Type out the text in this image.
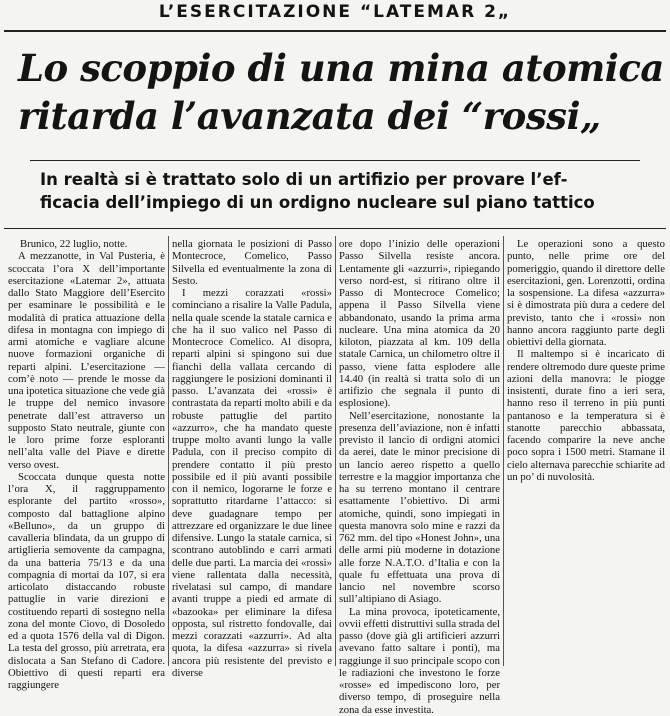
L’ESERCITAZIONE “LATEMAR 2„
Lo scoppio di una mina atomica
ritarda l’avanzata dei “rossi„
In realtà si è trattato solo di un artifizio per provare l’ef-
ficacia dell’impiego di un ordigno nucleare sul piano tattico

Brunico, 22 luglio, notte.

A mezzanotte, in Val Pusteria, è scoccata l’ora X dell’importante esercitazione «Latemar 2», attuata dallo Stato Maggiore dell’Esercito per esaminare le possibilità e le modalità di pratica attuazione della difesa in montagna con impiego di armi atomiche e vagliare alcune nuove formazioni organiche di reparti alpini. L’esercitazione — com’è noto — prende le mosse da una ipotetica situazione che vede già le truppe del nemico invasore penetrate dall’est attraverso un supposto Stato neutrale, giunte con le loro prime forze esploranti nell’alta valle del Piave e dirette verso ovest.

Scoccata dunque questa notte l’ora X, il raggruppamento esplorante del partito «rosso», composto dal battaglione alpino «Belluno», da un gruppo di cavalleria blindata, da un gruppo di artiglieria semovente da campagna, da una batteria 75/13 e da una compagnia di mortai da 107, si era articolato distaccando robuste pattuglie in varie direzioni e costituendo reparti di sostegno nella zona del monte Ciovo, di Dosoledo ed a quota 1576 della val di Digon. La testa del grosso, più arretrata, era dislocata a San Stefano di Cadore. Obiettivo di questi reparti era raggiungere

nella giornata le posizioni di Passo Montecroce, Comelico, Passo Silvella ed eventualmente la zona di Sesto.

I mezzi corazzati «rossi» cominciano a risalire la Valle Padula, nella quale scende la statale carnica e che ha il suo valico nel Passo di Montecroce Comelico. Al disopra, reparti alpini si spingono sui due fianchi della vallata cercando di raggiungere le posizioni dominanti il passo. L’avanzata dei «rossi» è contrastata da reparti molto abili e da robuste pattuglie del partito «azzurro», che ha mandato queste truppe molto avanti lungo la valle Padula, con il preciso compito di prendere contatto il più presto possibile ed il più avanti possibile con il nemico, logorarne le forze e soprattutto ritardarne l’attacco: si deve guadagnare tempo per attrezzare ed organizzare le due linee difensive. Lungo la statale carnica, si scontrano autoblindo e carri armati delle due parti. La marcia dei «rossi» viene rallentata dalla necessità, rivelatasi sul campo, di mandare avanti truppe a piedi ed armate di «bazooka» per eliminare la difesa opposta, sul ristretto fondovalle, dai mezzi corazzati «azzurri». Ad alta quota, la difesa «azzurra» si rivela ancora più resistente del previsto e diverse

ore dopo l’inizio delle operazioni Passo Silvella resiste ancora. Lentamente gli «azzurri», ripiegando verso nord-est, si ritirano oltre il Passo di Montecroce Comelico; appena il Passo Silvella viene abbandonato, usando la prima arma nucleare. Una mina atomica da 20 kiloton, piazzata al km. 109 della statale Carnica, un chilometro oltre il passo, viene fatta esplodere alle 14.40 (in realtà si tratta solo di un artifizio che segnala il punto di esplosione).

Nell’esercitazione, nonostante la presenza dell’aviazione, non è infatti previsto il lancio di ordigni atomici da aerei, date le minor precisione di un lancio aereo rispetto a quello terrestre e la maggior importanza che ha su terreno montano il centrare esattamente l’obiettivo. Di armi atomiche, quindi, sono impiegati in questa manovra solo mine e razzi da 762 mm. del tipo «Honest John», una delle armi più moderne in dotazione alle forze N.A.T.O. d’Italia e con la quale fu effettuata una prova di lancio nel novembre scorso sull’altipiano di Asiago.

La mina provoca, ipoteticamente, ovvii effetti distruttivi sulla strada del passo (dove già gli artificieri azzurri avevano fatto saltare i ponti), ma raggiunge il suo principale scopo con le radiazioni che investono le forze «rosse» ed impediscono loro, per diverso tempo, di proseguire nella zona da esse investita.

Le operazioni sono a questo punto, nelle prime ore del pomeriggio, quando il direttore delle esercitazioni, gen. Lorenzotti, ordina la sospensione. La difesa «azzurra» si è dimostrata più dura a cedere del previsto, tanto che i «rossi» non hanno ancora raggiunto parte degli obiettivi della giornata.

Il maltempo si è incaricato di rendere oltremodo dure queste prime azioni della manovra: le piogge insistenti, durate fino a ieri sera, hanno reso il terreno in più punti pantanoso e la temperatura si è stanotte parecchio abbassata, facendo comparire la neve anche poco sopra i 1500 metri. Stamane il cielo alternava parecchie schiarite ad un po’ di nuvolosità.
